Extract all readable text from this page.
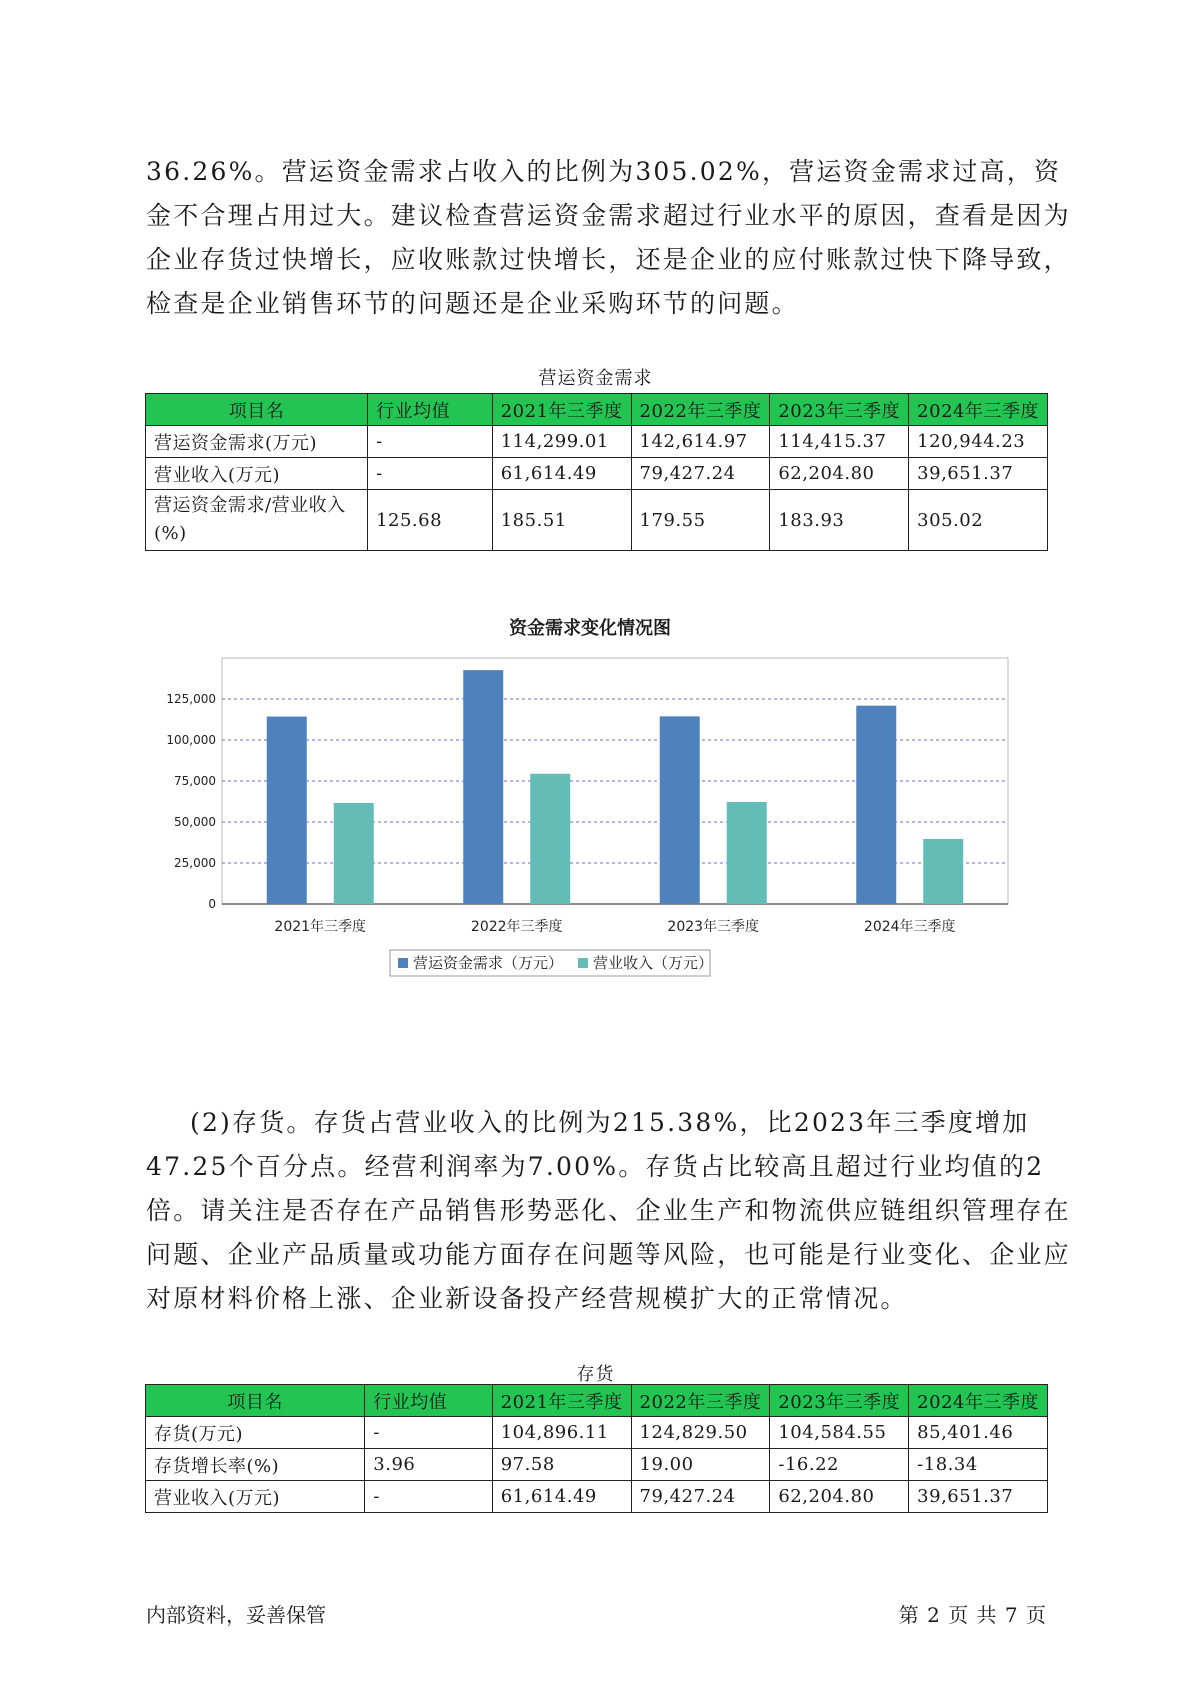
36.26%。营运资金需求占收入的比例为305.02%，营运资金需求过高，资金不合理占用过大。建议检查营运资金需求超过行业水平的原因，查看是因为企业存货过快增长，应收账款过快增长，还是企业的应付账款过快下降导致，检查是企业销售环节的问题还是企业采购环节的问题。

营运资金需求
项目名	行业均值	2021年三季度	2022年三季度	2023年三季度	2024年三季度
营运资金需求(万元)	-	114,299.01	142,614.97	114,415.37	120,944.23
营业收入(万元)	-	61,614.49	79,427.24	62,204.80	39,651.37
营运资金需求/营业收入(%)	125.68	185.51	179.55	183.93	305.02
资金需求变化情况图
0
25,000
50,000
75,000
100,000
125,000
2021年三季度	2022年三季度	2023年三季度	2024年三季度
营运资金需求（万元） 营业收入（万元）

(2)存货。存货占营业收入的比例为215.38%，比2023年三季度增加47.25个百分点。经营利润率为7.00%。存货占比较高且超过行业均值的2倍。请关注是否存在产品销售形势恶化、企业生产和物流供应链组织管理存在问题、企业产品质量或功能方面存在问题等风险，也可能是行业变化、企业应对原材料价格上涨、企业新设备投产经营规模扩大的正常情况。

存货
项目名	行业均值	2021年三季度	2022年三季度	2023年三季度	2024年三季度
存货(万元)	-	104,896.11	124,829.50	104,584.55	85,401.46
存货增长率(%)	3.96	97.58	19.00	-16.22	-18.34
营业收入(万元)	-	61,614.49	79,427.24	62,204.80	39,651.37
内部资料，妥善保管	第 2 页 共 7 页
